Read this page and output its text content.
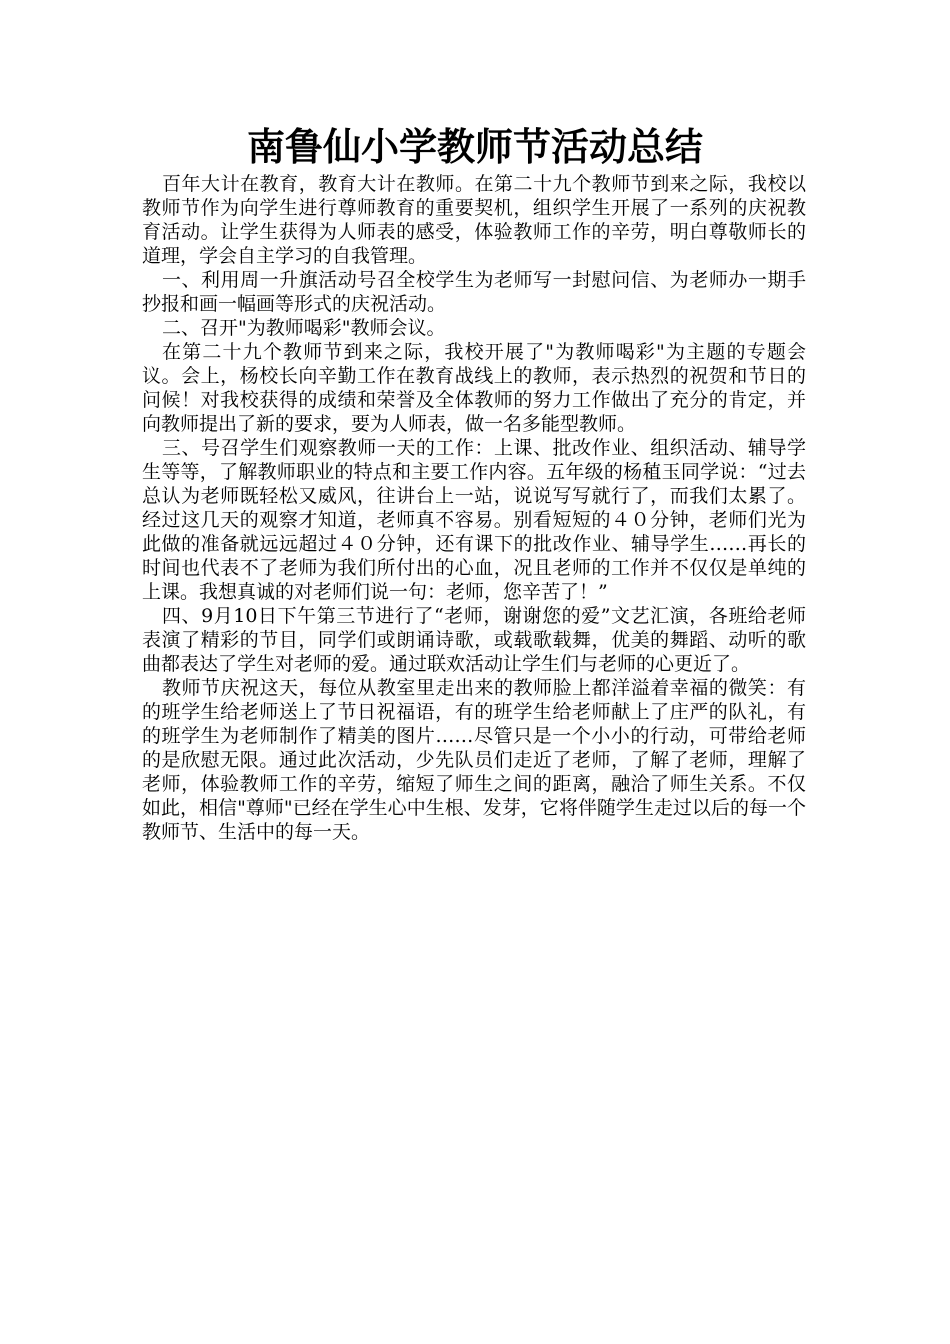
南鲁仙小学教师节活动总结

百年大计在教育，教育大计在教师。在第二十九个教师节到来之际，我校以教师节作为向学生进行尊师教育的重要契机，组织学生开展了一系列的庆祝教育活动。让学生获得为人师表的感受，体验教师工作的辛劳，明白尊敬师长的道理，学会自主学习的自我管理。

一、利用周一升旗活动号召全校学生为老师写一封慰问信、为老师办一期手抄报和画一幅画等形式的庆祝活动。

二、召开"为教师喝彩"教师会议。

在第二十九个教师节到来之际，我校开展了"为教师喝彩"为主题的专题会议。会上，杨校长向辛勤工作在教育战线上的教师，表示热烈的祝贺和节日的问候！对我校获得的成绩和荣誉及全体教师的努力工作做出了充分的肯定，并向教师提出了新的要求，要为人师表，做一名多能型教师。

三、号召学生们观察教师一天的工作：上课、批改作业、组织活动、辅导学生等等，了解教师职业的特点和主要工作内容。五年级的杨稙玉同学说：“过去总认为老师既轻松又威风，往讲台上一站，说说写写就行了，而我们太累了。经过这几天的观察才知道，老师真不容易。别看短短的４０分钟，老师们光为此做的准备就远远超过４０分钟，还有课下的批改作业、辅导学生……再长的时间也代表不了老师为我们所付出的心血，况且老师的工作并不仅仅是单纯的上课。我想真诚的对老师们说一句：老师，您辛苦了！”

四、9月10日下午第三节进行了“老师，谢谢您的爱”文艺汇演，各班给老师表演了精彩的节目，同学们或朗诵诗歌，或载歌载舞，优美的舞蹈、动听的歌曲都表达了学生对老师的爱。通过联欢活动让学生们与老师的心更近了。

教师节庆祝这天，每位从教室里走出来的教师脸上都洋溢着幸福的微笑：有的班学生给老师送上了节日祝福语，有的班学生给老师献上了庄严的队礼，有的班学生为老师制作了精美的图片……尽管只是一个小小的行动，可带给老师的是欣慰无限。通过此次活动，少先队员们走近了老师，了解了老师，理解了老师，体验教师工作的辛劳，缩短了师生之间的距离，融洽了师生关系。不仅如此，相信"尊师"已经在学生心中生根、发芽，它将伴随学生走过以后的每一个教师节、生活中的每一天。
